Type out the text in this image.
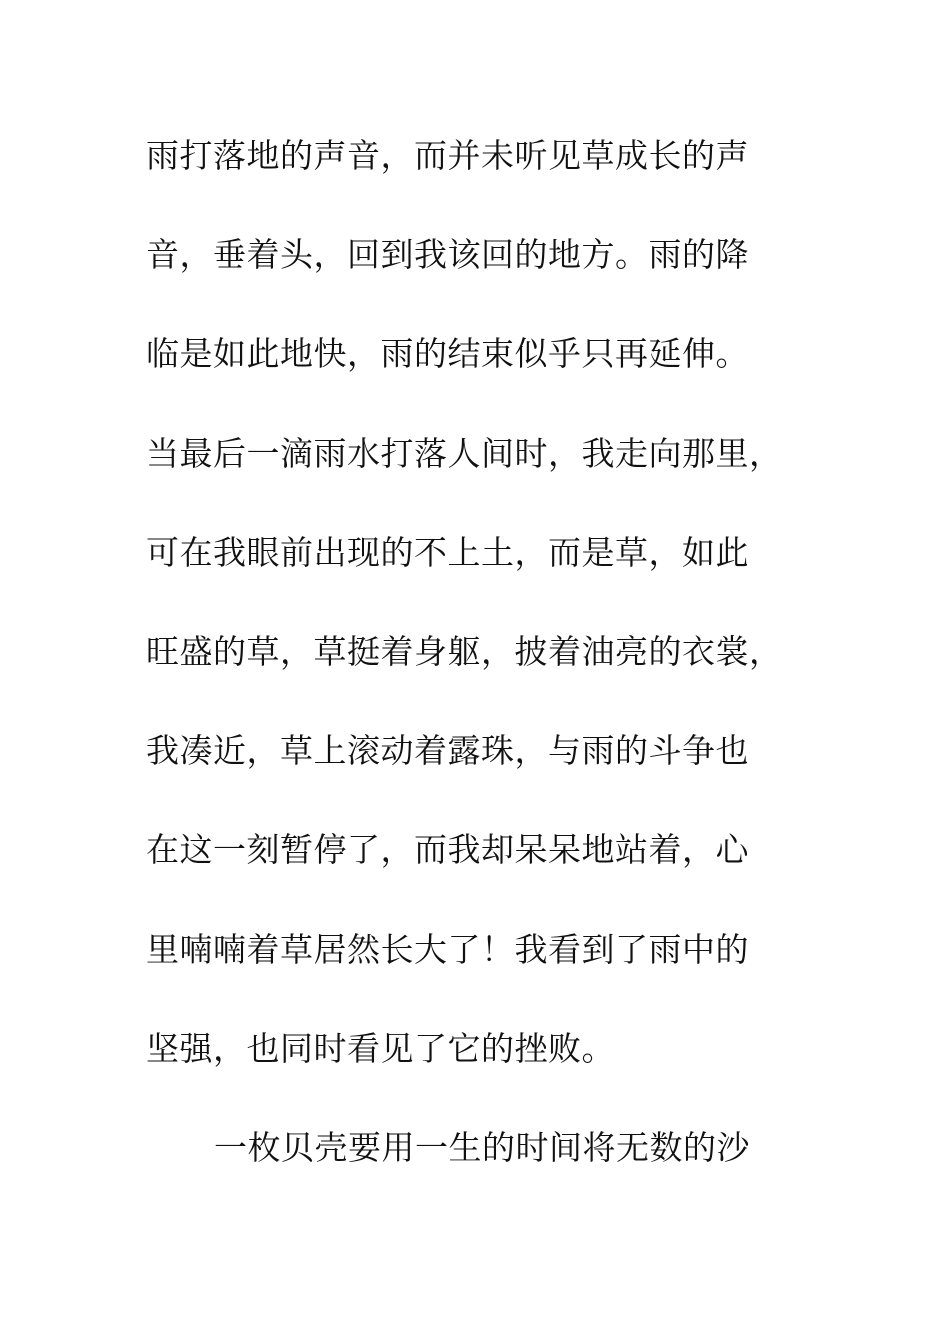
雨打落地的声音，而并未听见草成长的声
音，垂着头，回到我该回的地方。雨的降
临是如此地快，雨的结束似乎只再延伸。
当最后一滴雨水打落人间时，我走向那里，
可在我眼前出现的不上土，而是草，如此
旺盛的草，草挺着身躯，披着油亮的衣裳，
我凑近，草上滚动着露珠，与雨的斗争也
在这一刻暂停了，而我却呆呆地站着，心
里喃喃着草居然长大了！我看到了雨中的
坚强，也同时看见了它的挫败。
一枚贝壳要用一生的时间将无数的沙
